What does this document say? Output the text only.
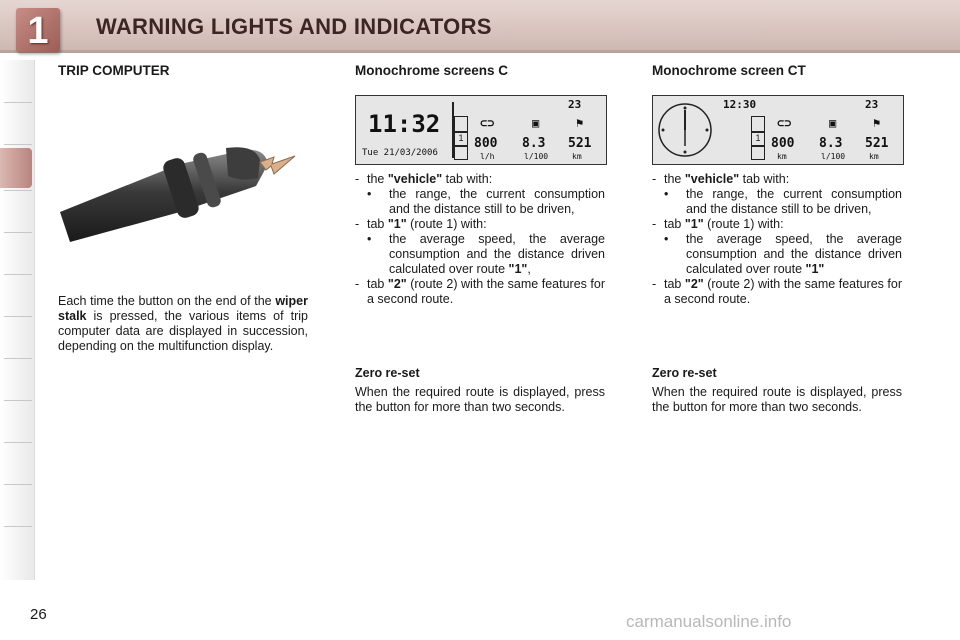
1	WARNING LIGHTS AND INDICATORS
TRIP COMPUTER
Each time the button on the end of the wiper stalk is pressed, the various items of trip computer data are displayed in succession, depending on the multifunction display.
Monochrome screens C
11:32
Tue 21/03/2006
23
1
⊂⊃	▣	⚑
800 8.3 521
l/h	l/100	km
- the "vehicle" tab with:
• the range, the current consumption and the distance still to be driven,
- tab "1" (route 1) with:
• the average speed, the average consumption and the distance driven calculated over route "1",
- tab "2" (route 2) with the same features for a second route.
Zero re-set
When the required route is displayed, press the button for more than two seconds.
Monochrome screen CT
12:30	23
1
⊂⊃	▣	⚑
800 8.3 521
km	l/100	km
- the "vehicle" tab with:
• the range, the current consumption and the distance still to be driven,
- tab "1" (route 1) with:
• the average speed, the average consumption and the distance driven calculated over route "1"
- tab "2" (route 2) with the same features for a second route.
Zero re-set
When the required route is displayed, press the button for more than two seconds.
26	carmanualsonline.info
